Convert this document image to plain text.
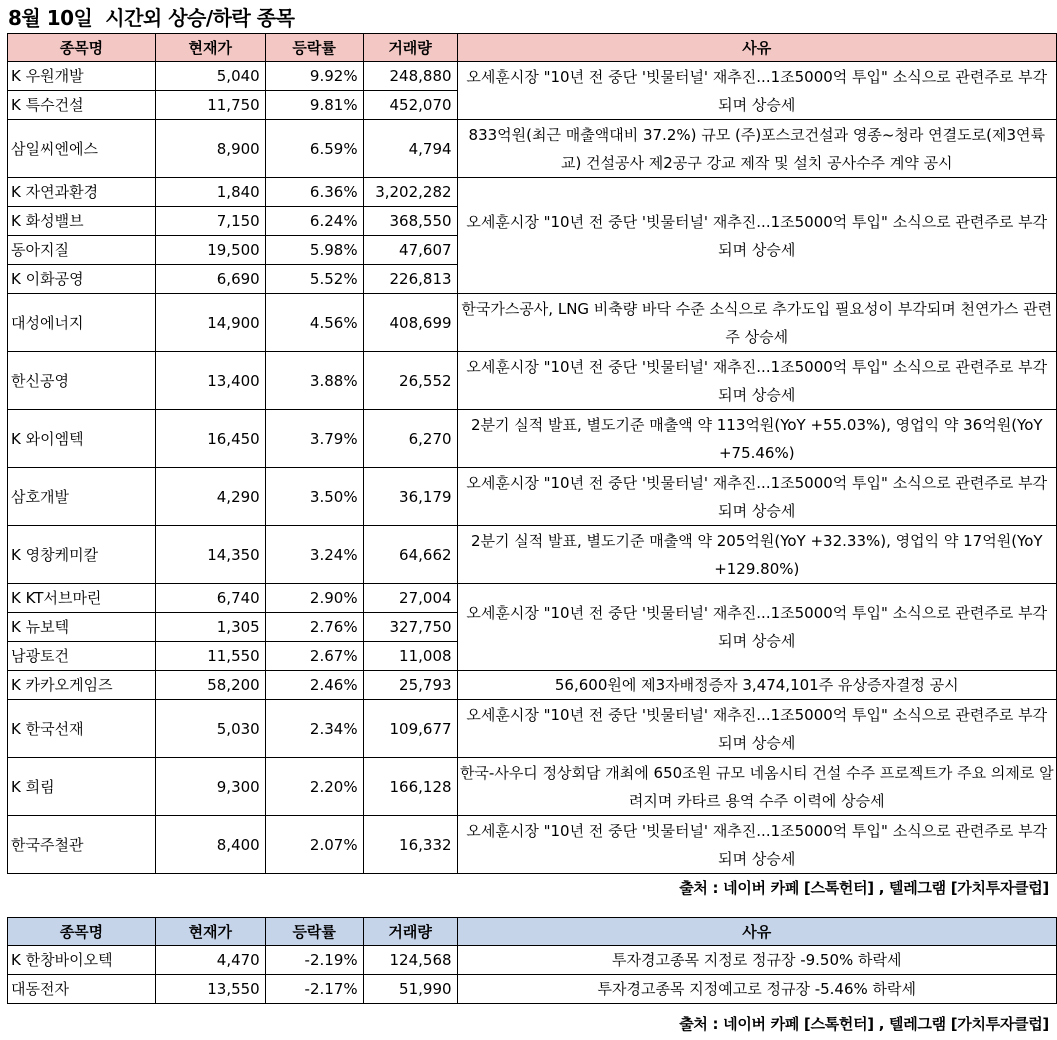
8월 10일  시간외 상승/하락 종목
종목명	현재가	등락률	거래량	사유
K 우원개발	5,040	9.92%	248,880	오세훈시장 "10년 전 중단 '빗물터널' 재추진...1조5000억 투입" 소식으로 관련주로 부각되며 상승세
K 특수건설	11,750	9.81%	452,070	
삼일씨엔에스	8,900	6.59%	4,794	833억원(최근 매출액대비 37.2%) 규모 (주)포스코건설과 영종~청라 연결도로(제3연륙교) 건설공사 제2공구 강교 제작 및 설치 공사수주 계약 공시
K 자연과환경	1,840	6.36%	3,202,282	오세훈시장 "10년 전 중단 '빗물터널' 재추진...1조5000억 투입" 소식으로 관련주로 부각되며 상승세
K 화성밸브	7,150	6.24%	368,550	
동아지질	19,500	5.98%	47,607	
K 이화공영	6,690	5.52%	226,813	
대성에너지	14,900	4.56%	408,699	한국가스공사, LNG 비축량 바닥 수준 소식으로 추가도입 필요성이 부각되며 천연가스 관련주 상승세
한신공영	13,400	3.88%	26,552	오세훈시장 "10년 전 중단 '빗물터널' 재추진...1조5000억 투입" 소식으로 관련주로 부각되며 상승세
K 와이엠텍	16,450	3.79%	6,270	2분기 실적 발표, 별도기준 매출액 약 113억원(YoY +55.03%), 영업익 약 36억원(YoY +75.46%)
삼호개발	4,290	3.50%	36,179	오세훈시장 "10년 전 중단 '빗물터널' 재추진...1조5000억 투입" 소식으로 관련주로 부각되며 상승세
K 영창케미칼	14,350	3.24%	64,662	2분기 실적 발표, 별도기준 매출액 약 205억원(YoY +32.33%), 영업익 약 17억원(YoY +129.80%)
K KT서브마린	6,740	2.90%	27,004	오세훈시장 "10년 전 중단 '빗물터널' 재추진...1조5000억 투입" 소식으로 관련주로 부각되며 상승세
K 뉴보텍	1,305	2.76%	327,750	
남광토건	11,550	2.67%	11,008	
K 카카오게임즈	58,200	2.46%	25,793	56,600원에 제3자배정증자 3,474,101주 유상증자결정 공시
K 한국선재	5,030	2.34%	109,677	오세훈시장 "10년 전 중단 '빗물터널' 재추진...1조5000억 투입" 소식으로 관련주로 부각되며 상승세
K 희림	9,300	2.20%	166,128	한국-사우디 정상회담 개최에 650조원 규모 네옴시티 건설 수주 프로젝트가 주요 의제로 알려지며 카타르 용역 수주 이력에 상승세
한국주철관	8,400	2.07%	16,332	오세훈시장 "10년 전 중단 '빗물터널' 재추진...1조5000억 투입" 소식으로 관련주로 부각되며 상승세
출처 : 네이버 카페 [스톡헌터] , 텔레그램 [가치투자클럽]
종목명	현재가	등락률	거래량	사유
K 한창바이오텍	4,470	-2.19%	124,568	투자경고종목 지정로 정규장 -9.50% 하락세
대동전자	13,550	-2.17%	51,990	투자경고종목 지정예고로 정규장 -5.46% 하락세
출처 : 네이버 카페 [스톡헌터] , 텔레그램 [가치투자클럽]
